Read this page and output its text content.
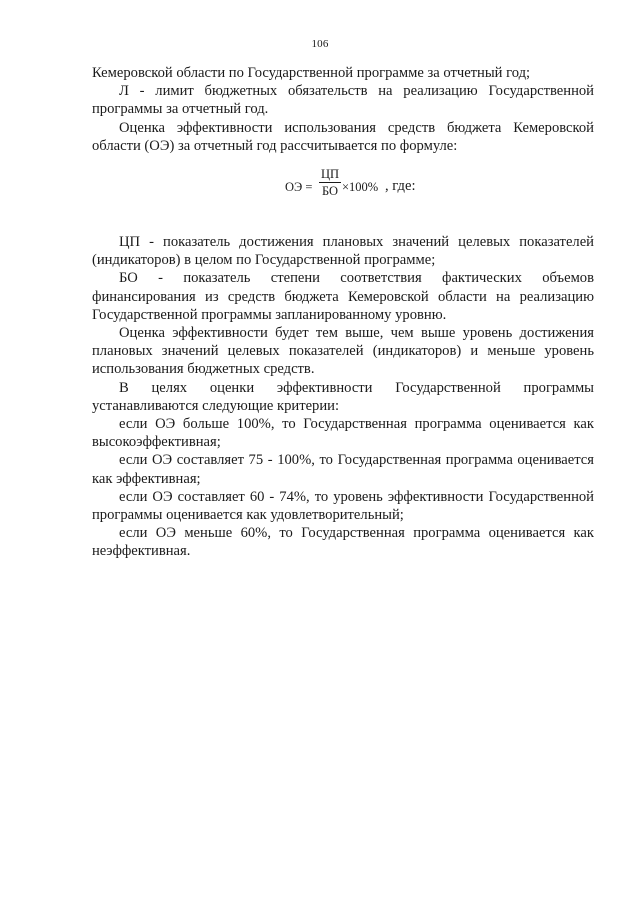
106

Кемеровской области по Государственной программе за отчетный год;

Л - лимит бюджетных обязательств на реализацию Государственной программы за отчетный год.

Оценка эффективности использования средств бюджета Кемеровской области (ОЭ) за отчетный год рассчитывается по формуле:

ОЭ =
ЦП
БО ×100% , где:

ЦП - показатель достижения плановых значений целевых показателей (индикаторов) в целом по Государственной программе;

БО - показатель степени соответствия фактических объемов финансирования из средств бюджета Кемеровской области на реализацию Государственной программы запланированному уровню.

Оценка эффективности будет тем выше, чем выше уровень достижения плановых значений целевых показателей (индикаторов) и меньше уровень использования бюджетных средств.

В целях оценки эффективности Государственной программы устанавливаются следующие критерии:

если ОЭ больше 100%, то Государственная программа оценивается как высокоэффективная;

если ОЭ составляет 75 - 100%, то Государственная программа оценивается как эффективная;

если ОЭ составляет 60 - 74%, то уровень эффективности Государственной программы оценивается как удовлетворительный;

если ОЭ меньше 60%, то Государственная программа оценивается как неэффективная.
